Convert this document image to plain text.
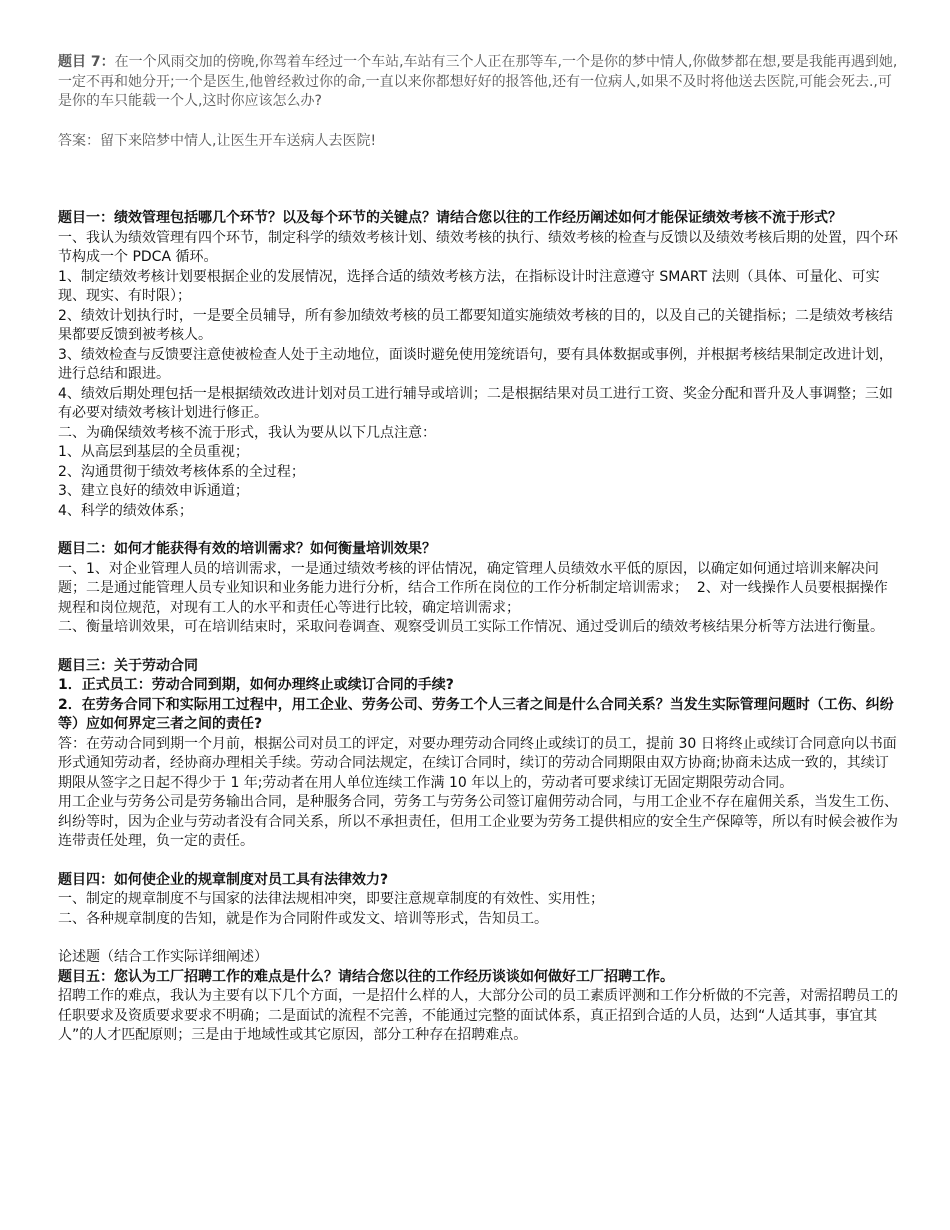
题目 7：在一个风雨交加的傍晚,你驾着车经过一个车站,车站有三个人正在那等车,一个是你的梦中情人,你做梦都在想,要是我能再遇到她,一定不再和她分开;一个是医生,他曾经救过你的命,一直以来你都想好好的报答他,还有一位病人,如果不及时将他送去医院,可能会死去.,可是你的车只能载一个人,这时你应该怎么办?

答案：留下来陪梦中情人,让医生开车送病人去医院!

题目一：绩效管理包括哪几个环节？以及每个环节的关键点？请结合您以往的工作经历阐述如何才能保证绩效考核不流于形式？

一、我认为绩效管理有四个环节，制定科学的绩效考核计划、绩效考核的执行、绩效考核的检查与反馈以及绩效考核后期的处置，四个环节构成一个 PDCA 循环。

1、制定绩效考核计划要根据企业的发展情况，选择合适的绩效考核方法，在指标设计时注意遵守 SMART 法则（具体、可量化、可实现、现实、有时限）；

2、绩效计划执行时，一是要全员辅导，所有参加绩效考核的员工都要知道实施绩效考核的目的，以及自己的关键指标；二是绩效考核结果都要反馈到被考核人。

3、绩效检查与反馈要注意使被检查人处于主动地位，面谈时避免使用笼统语句，要有具体数据或事例，并根据考核结果制定改进计划，进行总结和跟进。

4、绩效后期处理包括一是根据绩效改进计划对员工进行辅导或培训；二是根据结果对员工进行工资、奖金分配和晋升及人事调整；三如有必要对绩效考核计划进行修正。

二、为确保绩效考核不流于形式，我认为要从以下几点注意：

1、从高层到基层的全员重视；

2、沟通贯彻于绩效考核体系的全过程；

3、建立良好的绩效申诉通道；

4、科学的绩效体系；

题目二：如何才能获得有效的培训需求？如何衡量培训效果？

一、1、对企业管理人员的培训需求，一是通过绩效考核的评估情况，确定管理人员绩效水平低的原因，以确定如何通过培训来解决问题；二是通过能管理人员专业知识和业务能力进行分析，结合工作所在岗位的工作分析制定培训需求；  2、对一线操作人员要根据操作规程和岗位规范，对现有工人的水平和责任心等进行比较，确定培训需求；

二、衡量培训效果，可在培训结束时，采取问卷调查、观察受训员工实际工作情况、通过受训后的绩效考核结果分析等方法进行衡量。

题目三：关于劳动合同

1．正式员工：劳动合同到期，如何办理终止或续订合同的手续?

2．在劳务合同下和实际用工过程中，用工企业、劳务公司、劳务工个人三者之间是什么合同关系？当发生实际管理问题时（工伤、纠纷等）应如何界定三者之间的责任?

答：在劳动合同到期一个月前，根据公司对员工的评定，对要办理劳动合同终止或续订的员工，提前 30 日将终止或续订合同意向以书面形式通知劳动者，经协商办理相关手续。劳动合同法规定，在续订合同时，续订的劳动合同期限由双方协商;协商未达成一致的，其续订期限从签字之日起不得少于 1 年;劳动者在用人单位连续工作满 10 年以上的，劳动者可要求续订无固定期限劳动合同。

用工企业与劳务公司是劳务输出合同，是种服务合同，劳务工与劳务公司签订雇佣劳动合同，与用工企业不存在雇佣关系，当发生工伤、纠纷等时，因为企业与劳动者没有合同关系，所以不承担责任，但用工企业要为劳务工提供相应的安全生产保障等，所以有时候会被作为连带责任处理，负一定的责任。

题目四：如何使企业的规章制度对员工具有法律效力?

一、制定的规章制度不与国家的法律法规相冲突，即要注意规章制度的有效性、实用性；

二、各种规章制度的告知，就是作为合同附件或发文、培训等形式，告知员工。

论述题（结合工作实际详细阐述）

题目五：您认为工厂招聘工作的难点是什么？请结合您以往的工作经历谈谈如何做好工厂招聘工作。

招聘工作的难点，我认为主要有以下几个方面，一是招什么样的人，大部分公司的员工素质评测和工作分析做的不完善，对需招聘员工的任职要求及资质要求要求不明确；二是面试的流程不完善，不能通过完整的面试体系，真正招到合适的人员，达到“人适其事，事宜其人”的人才匹配原则；三是由于地域性或其它原因，部分工种存在招聘难点。
